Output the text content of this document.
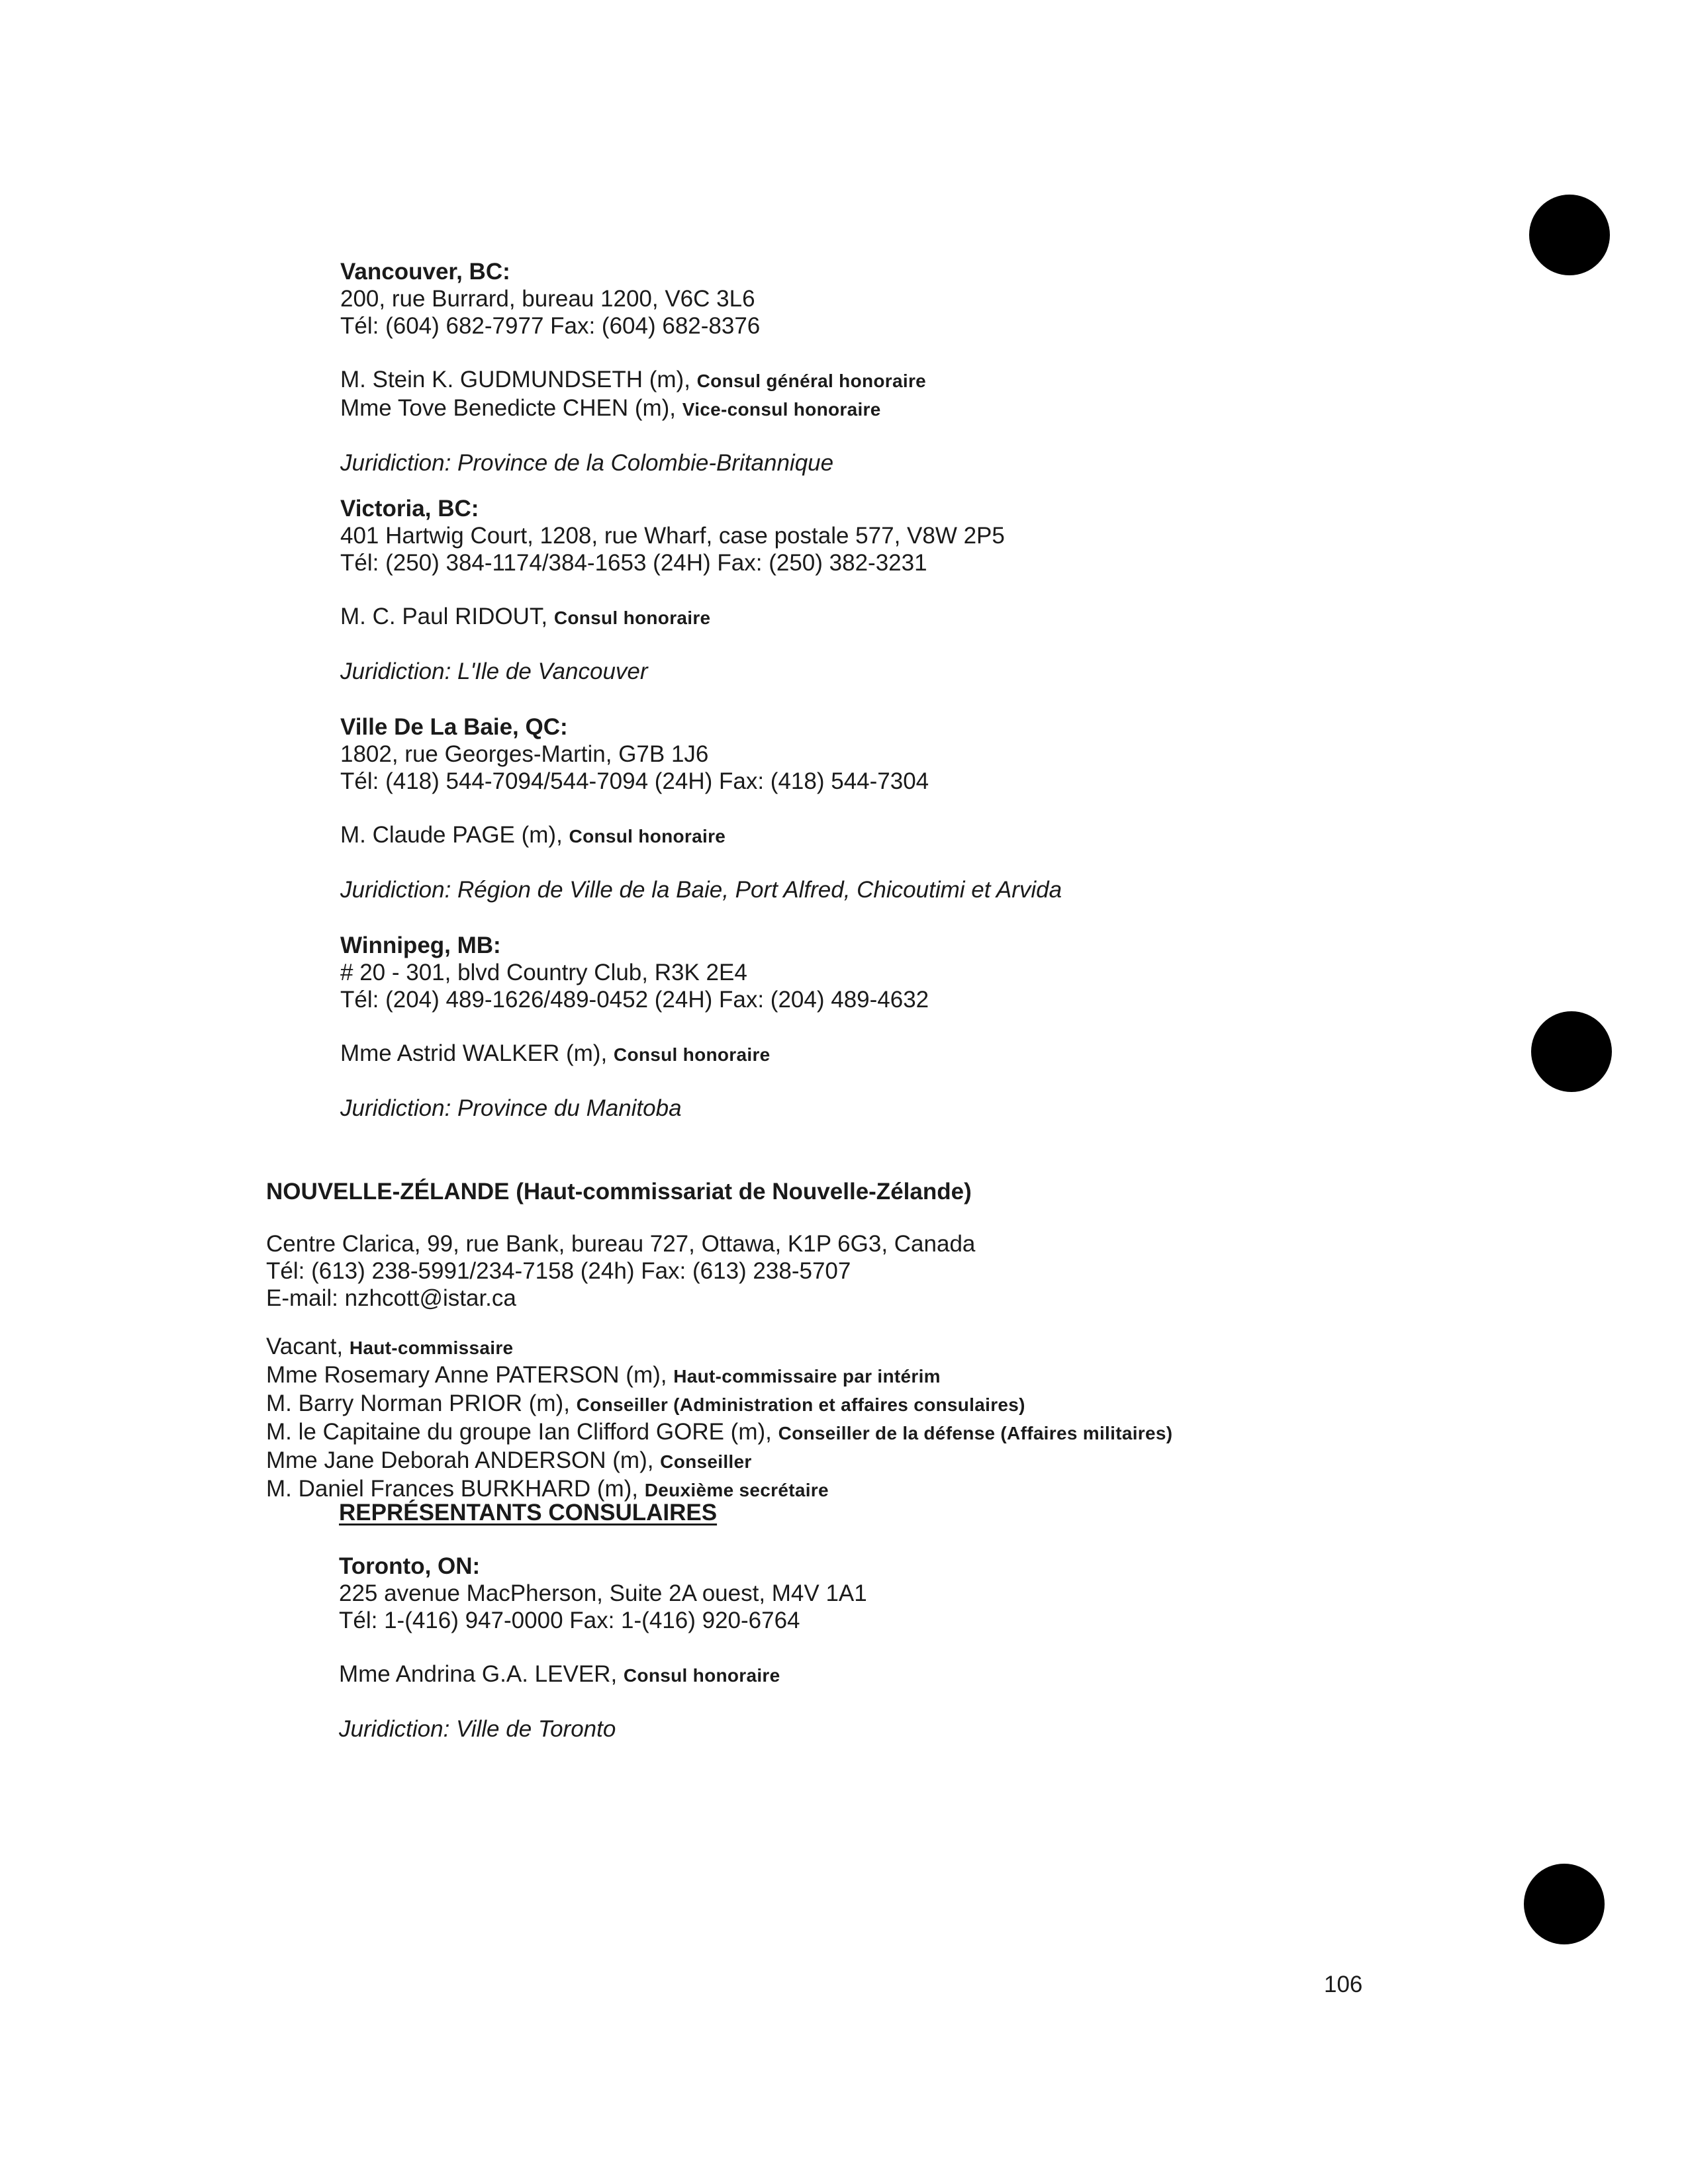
Vancouver, BC:
200, rue Burrard, bureau 1200, V6C 3L6
Tél: (604) 682-7977 Fax: (604) 682-8376
M. Stein K. GUDMUNDSETH (m), Consul général honoraire
Mme Tove Benedicte CHEN (m), Vice-consul honoraire
Juridiction: Province de la Colombie-Britannique
Victoria, BC:
401 Hartwig Court, 1208, rue Wharf, case postale 577, V8W 2P5
Tél: (250) 384-1174/384-1653 (24H) Fax: (250) 382-3231
M. C. Paul RIDOUT, Consul honoraire
Juridiction: L'Ile de Vancouver
Ville De La Baie, QC:
1802, rue Georges-Martin, G7B 1J6
Tél: (418) 544-7094/544-7094 (24H) Fax: (418) 544-7304
M. Claude PAGE (m), Consul honoraire
Juridiction: Région de Ville de la Baie, Port Alfred, Chicoutimi et Arvida
Winnipeg, MB:
# 20 - 301, blvd Country Club, R3K 2E4
Tél: (204) 489-1626/489-0452 (24H) Fax: (204) 489-4632
Mme Astrid WALKER (m), Consul honoraire
Juridiction: Province du Manitoba
NOUVELLE-ZÉLANDE (Haut-commissariat de Nouvelle-Zélande)
Centre Clarica, 99, rue Bank, bureau 727, Ottawa, K1P 6G3, Canada
Tél: (613) 238-5991/234-7158 (24h) Fax: (613) 238-5707
E-mail: nzhcott@istar.ca
Vacant, Haut-commissaire
Mme Rosemary Anne PATERSON (m), Haut-commissaire par intérim
M. Barry Norman PRIOR (m), Conseiller (Administration et affaires consulaires)
M. le Capitaine du groupe Ian Clifford GORE (m), Conseiller de la défense (Affaires militaires)
Mme Jane Deborah ANDERSON (m), Conseiller
M. Daniel Frances BURKHARD (m), Deuxième secrétaire
REPRÉSENTANTS CONSULAIRES
Toronto, ON:
225 avenue MacPherson, Suite 2A ouest, M4V 1A1
Tél: 1-(416) 947-0000 Fax: 1-(416) 920-6764
Mme Andrina G.A. LEVER, Consul honoraire
Juridiction: Ville de Toronto
106
